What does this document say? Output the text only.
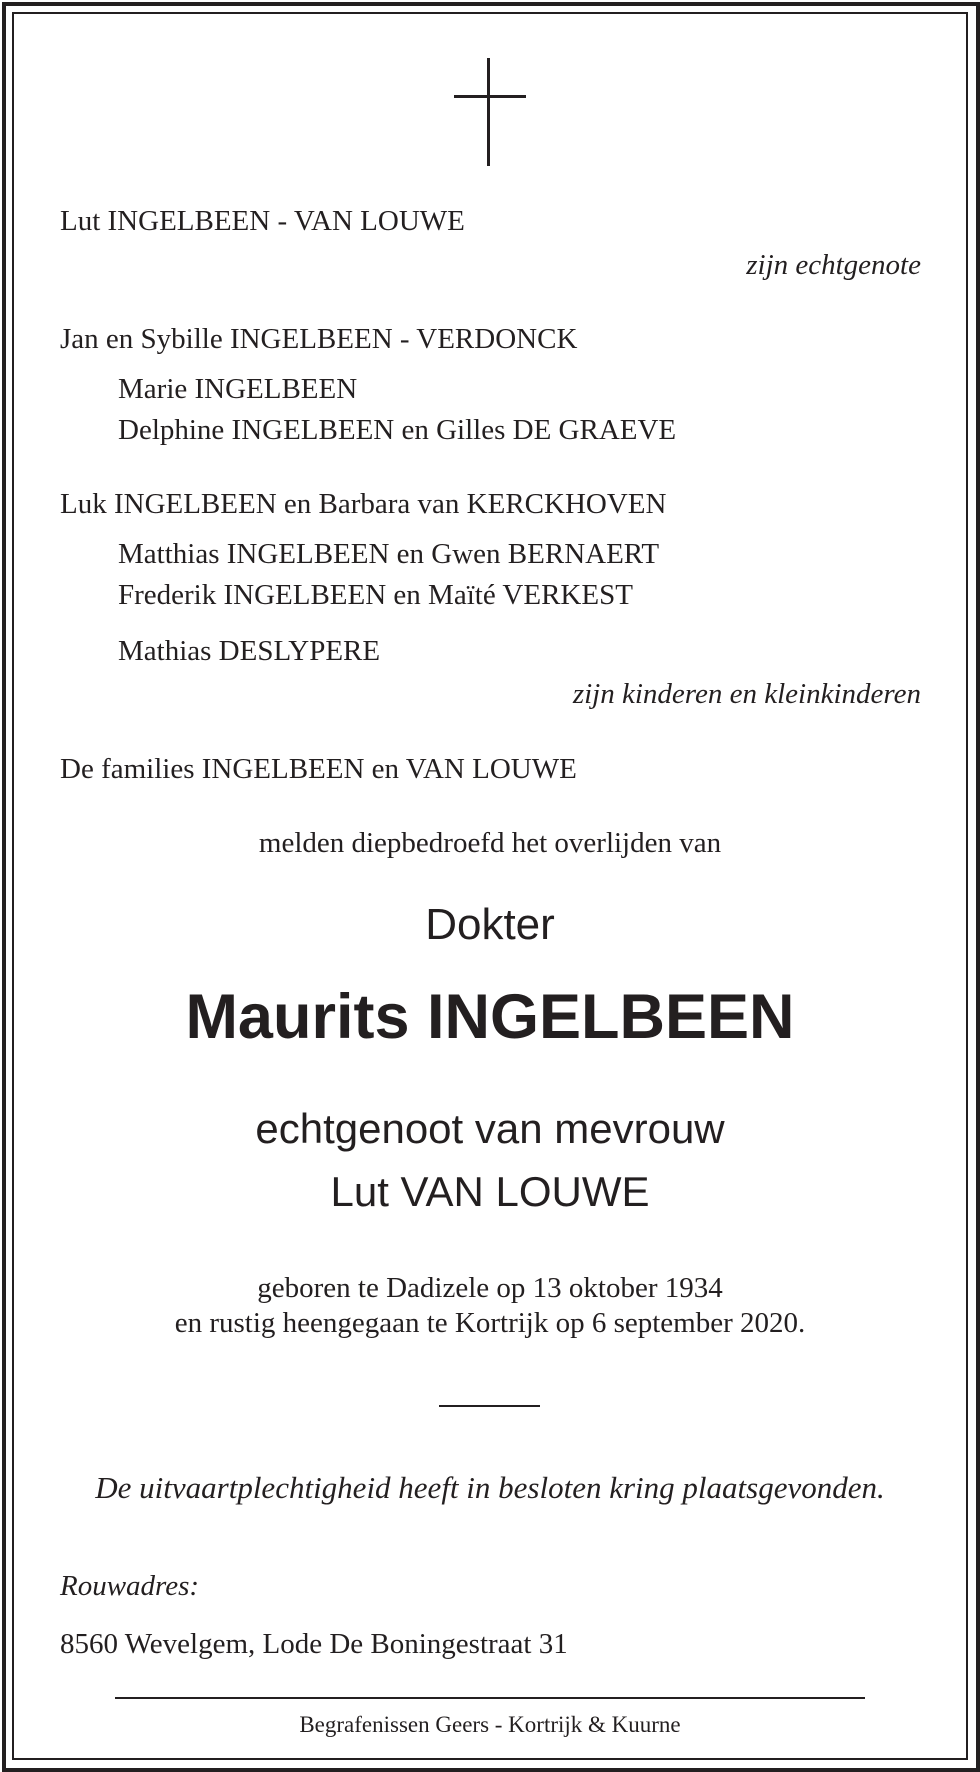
Lut INGELBEEN - VAN LOUWE
zijn echtgenote
Jan en Sybille INGELBEEN - VERDONCK
Marie INGELBEEN
Delphine INGELBEEN en Gilles DE GRAEVE
Luk INGELBEEN en Barbara van KERCKHOVEN
Matthias INGELBEEN en Gwen BERNAERT
Frederik INGELBEEN en Maïté VERKEST
Mathias DESLYPERE
zijn kinderen en kleinkinderen
De families INGELBEEN en VAN LOUWE
melden diepbedroefd het overlijden van
Dokter
Maurits INGELBEEN
echtgenoot van mevrouw
Lut VAN LOUWE
geboren te Dadizele op 13 oktober 1934
en rustig heengegaan te Kortrijk op 6 september 2020.
De uitvaartplechtigheid heeft in besloten kring plaatsgevonden.
Rouwadres:
8560 Wevelgem, Lode De Boningestraat 31
Begrafenissen Geers - Kortrijk & Kuurne
